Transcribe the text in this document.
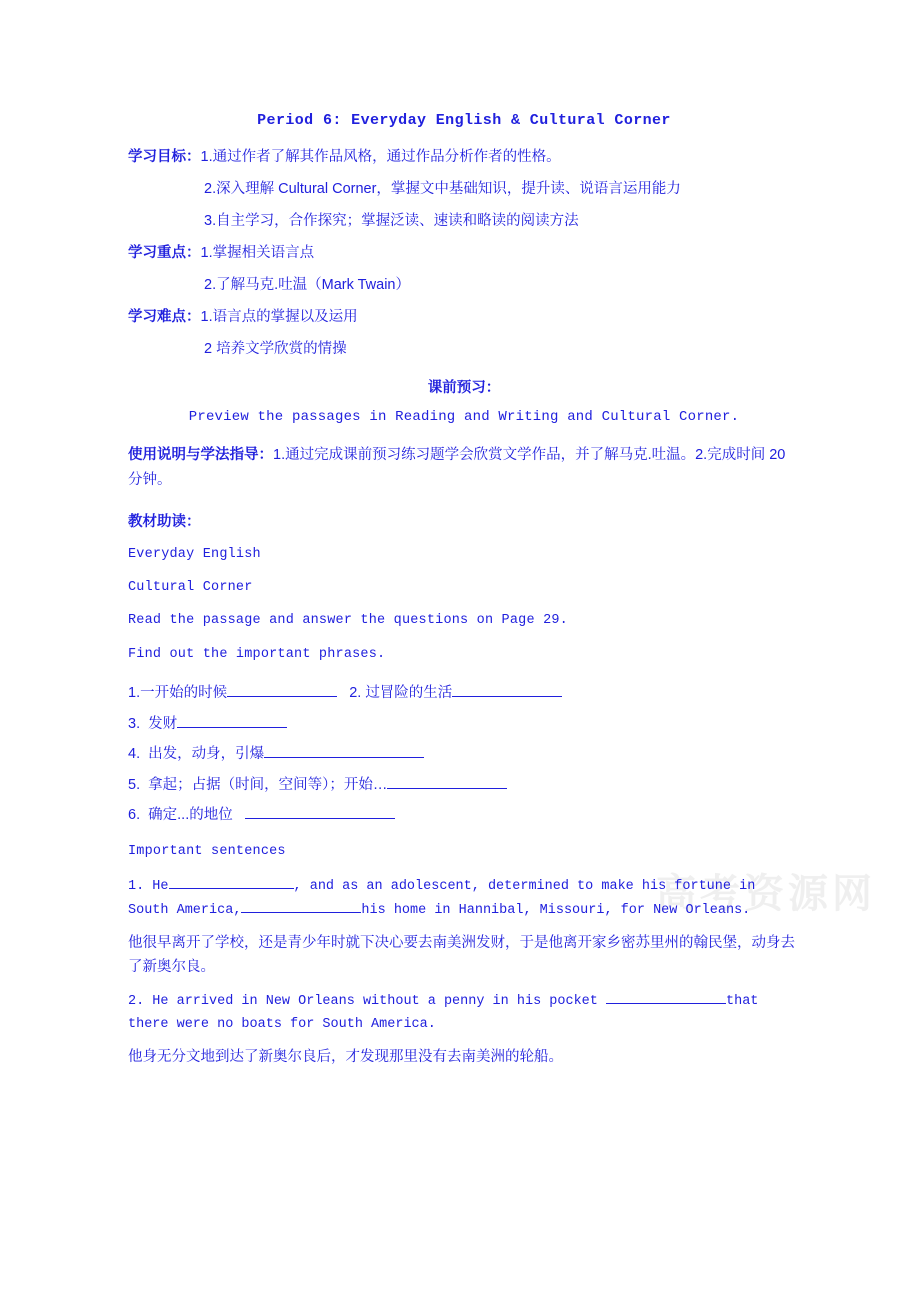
高考资源网
Period 6: Everyday English & Cultural Corner
学习目标： 1.通过作者了解其作品风格，通过作品分析作者的性格。
2.深入理解 Cultural Corner，掌握文中基础知识，提升读、说语言运用能力
3.自主学习，合作探究；掌握泛读、速读和略读的阅读方法
学习重点： 1.掌握相关语言点
2.了解马克.吐温（Mark Twain）
学习难点： 1.语言点的掌握以及运用
2 培养文学欣赏的情操
课前预习：
Preview the passages in Reading and Writing and Cultural Corner.
使用说明与学法指导：1.通过完成课前预习练习题学会欣赏文学作品，并了解马克.吐温。2.完成时间 20 分钟。
教材助读：
Everyday English
Cultural Corner
Read the passage and answer the questions on Page 29.
Find out the important phrases.
1.一开始的时候	2. 过冒险的生活
3. 发财
4. 出发，动身，引爆
5. 拿起；占据（时间，空间等）；开始…
6. 确定...的地位
Important sentences
1. He	, and as an adolescent, determined to make his fortune in South America,	his home in Hannibal, Missouri, for New Orleans.
他很早离开了学校，还是青少年时就下决心要去南美洲发财，于是他离开家乡密苏里州的翰民堡，动身去了新奥尔良。
2. He arrived in New Orleans without a penny in his pocket	that there were no boats for South America.
他身无分文地到达了新奥尔良后，才发现那里没有去南美洲的轮船。
